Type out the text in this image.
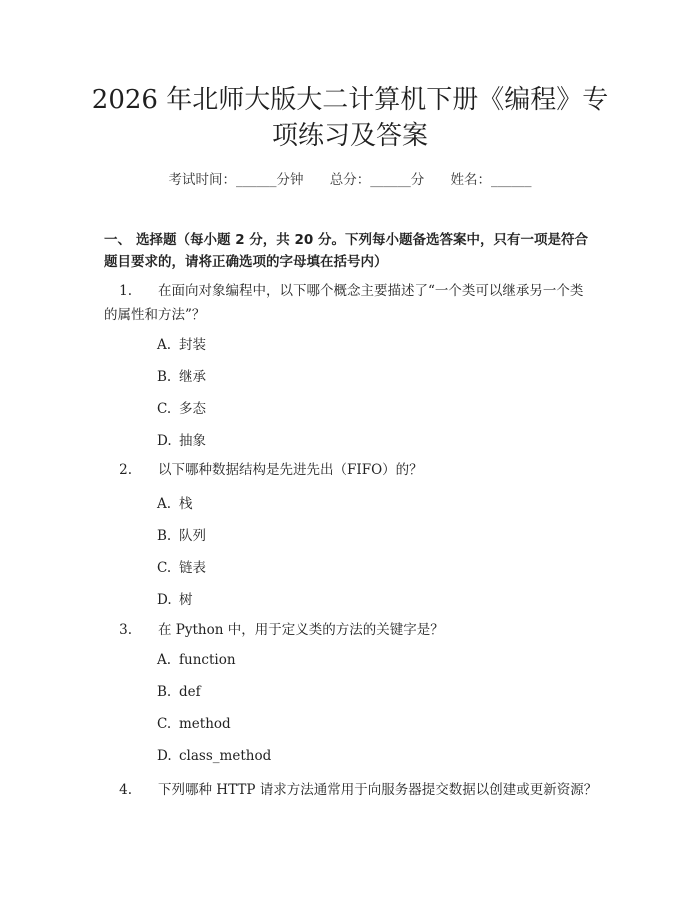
2026 年北师大版大二计算机下册《编程》专
项练习及答案
考试时间：______分钟 总分：______分 姓名：______
一、 选择题（每小题 2 分，共 20 分。下列每小题备选答案中，只有一项是符合
题目要求的，请将正确选项的字母填在括号内）
1. 在面向对象编程中，以下哪个概念主要描述了“一个类可以继承另一个类
的属性和方法”？
A. 封装
B. 继承
C. 多态
D. 抽象
2. 以下哪种数据结构是先进先出（FIFO）的？
A. 栈
B. 队列
C. 链表
D. 树
3. 在 Python 中，用于定义类的方法的关键字是？
A. function
B. def
C. method
D. class_method
4. 下列哪种 HTTP 请求方法通常用于向服务器提交数据以创建或更新资源？
